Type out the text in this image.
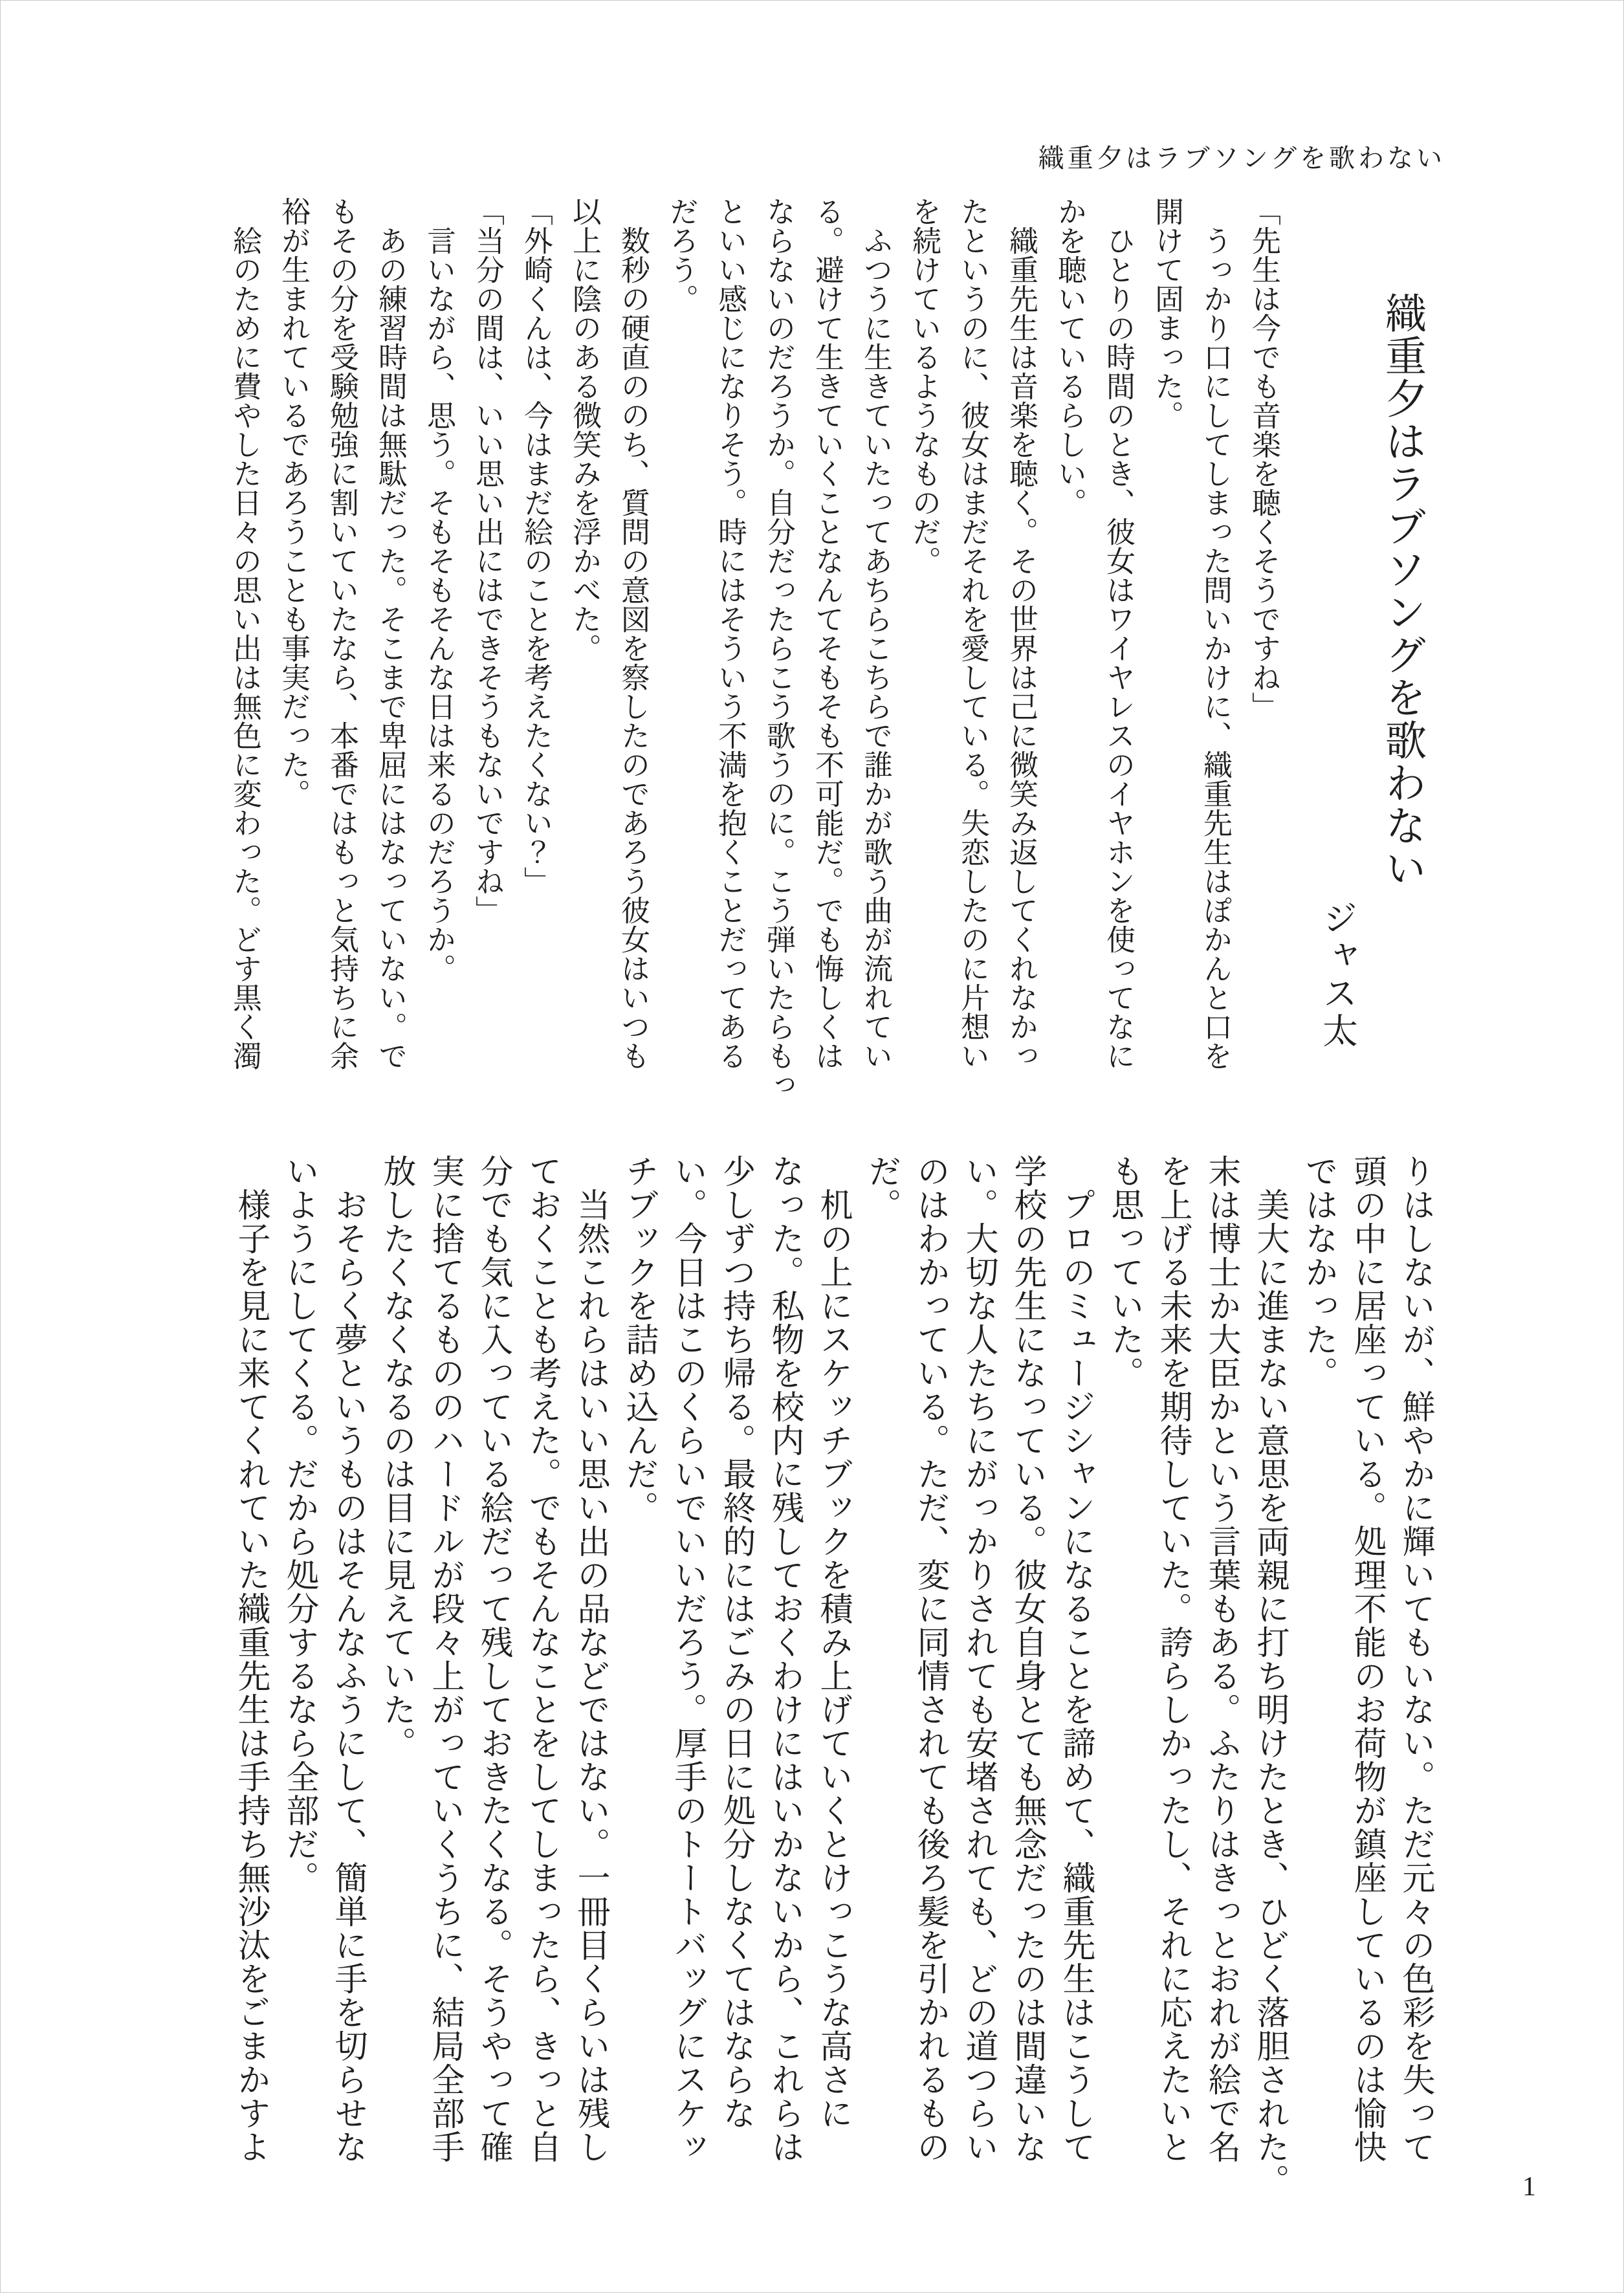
織重夕はラブソングを歌わない
織重夕はラブソングを歌わない
ジャス太

「先生は今でも音楽を聴くそうですね」

　うっかり口にしてしまった問いかけに、織重先生はぽかんと口を

開けて固まった。

　ひとりの時間のとき、彼女はワイヤレスのイヤホンを使ってなに

かを聴いているらしい。

　織重先生は音楽を聴く。その世界は己に微笑み返してくれなかっ

たというのに、彼女はまだそれを愛している。失恋したのに片想い

を続けているようなものだ。

　ふつうに生きていたってあちらこちらで誰かが歌う曲が流れてい

る。避けて生きていくことなんてそもそも不可能だ。でも悔しくは

ならないのだろうか。自分だったらこう歌うのに。こう弾いたらもっ

といい感じになりそう。時にはそういう不満を抱くことだってある

だろう。

　数秒の硬直ののち、質問の意図を察したのであろう彼女はいつも

以上に陰のある微笑みを浮かべた。

「外崎くんは、今はまだ絵のことを考えたくない？」

「当分の間は、いい思い出にはできそうもないですね」

　言いながら、思う。そもそもそんな日は来るのだろうか。

　あの練習時間は無駄だった。そこまで卑屈にはなっていない。で

もその分を受験勉強に割いていたなら、本番ではもっと気持ちに余

裕が生まれているであろうことも事実だった。

　絵のために費やした日々の思い出は無色に変わった。どす黒く濁

りはしないが、鮮やかに輝いてもいない。ただ元々の色彩を失って

頭の中に居座っている。処理不能のお荷物が鎮座しているのは愉快

ではなかった。

　美大に進まない意思を両親に打ち明けたとき、ひどく落胆された。

末は博士か大臣かという言葉もある。ふたりはきっとおれが絵で名

を上げる未来を期待していた。誇らしかったし、それに応えたいと

も思っていた。

　プロのミュージシャンになることを諦めて、織重先生はこうして

学校の先生になっている。彼女自身とても無念だったのは間違いな

い。大切な人たちにがっかりされても安堵されても、どの道つらい

のはわかっている。ただ、変に同情されても後ろ髪を引かれるもの

だ。

　机の上にスケッチブックを積み上げていくとけっこうな高さに

なった。私物を校内に残しておくわけにはいかないから、これらは

少しずつ持ち帰る。最終的にはごみの日に処分しなくてはならな

い。今日はこのくらいでいいだろう。厚手のトートバッグにスケッ

チブックを詰め込んだ。

　当然これらはいい思い出の品などではない。一冊目くらいは残し

ておくことも考えた。でもそんなことをしてしまったら、きっと自

分でも気に入っている絵だって残しておきたくなる。そうやって確

実に捨てるもののハードルが段々上がっていくうちに、結局全部手

放したくなくなるのは目に見えていた。

　おそらく夢というものはそんなふうにして、簡単に手を切らせな

いようにしてくる。だから処分するなら全部だ。

　様子を見に来てくれていた織重先生は手持ち無沙汰をごまかすよ

1
